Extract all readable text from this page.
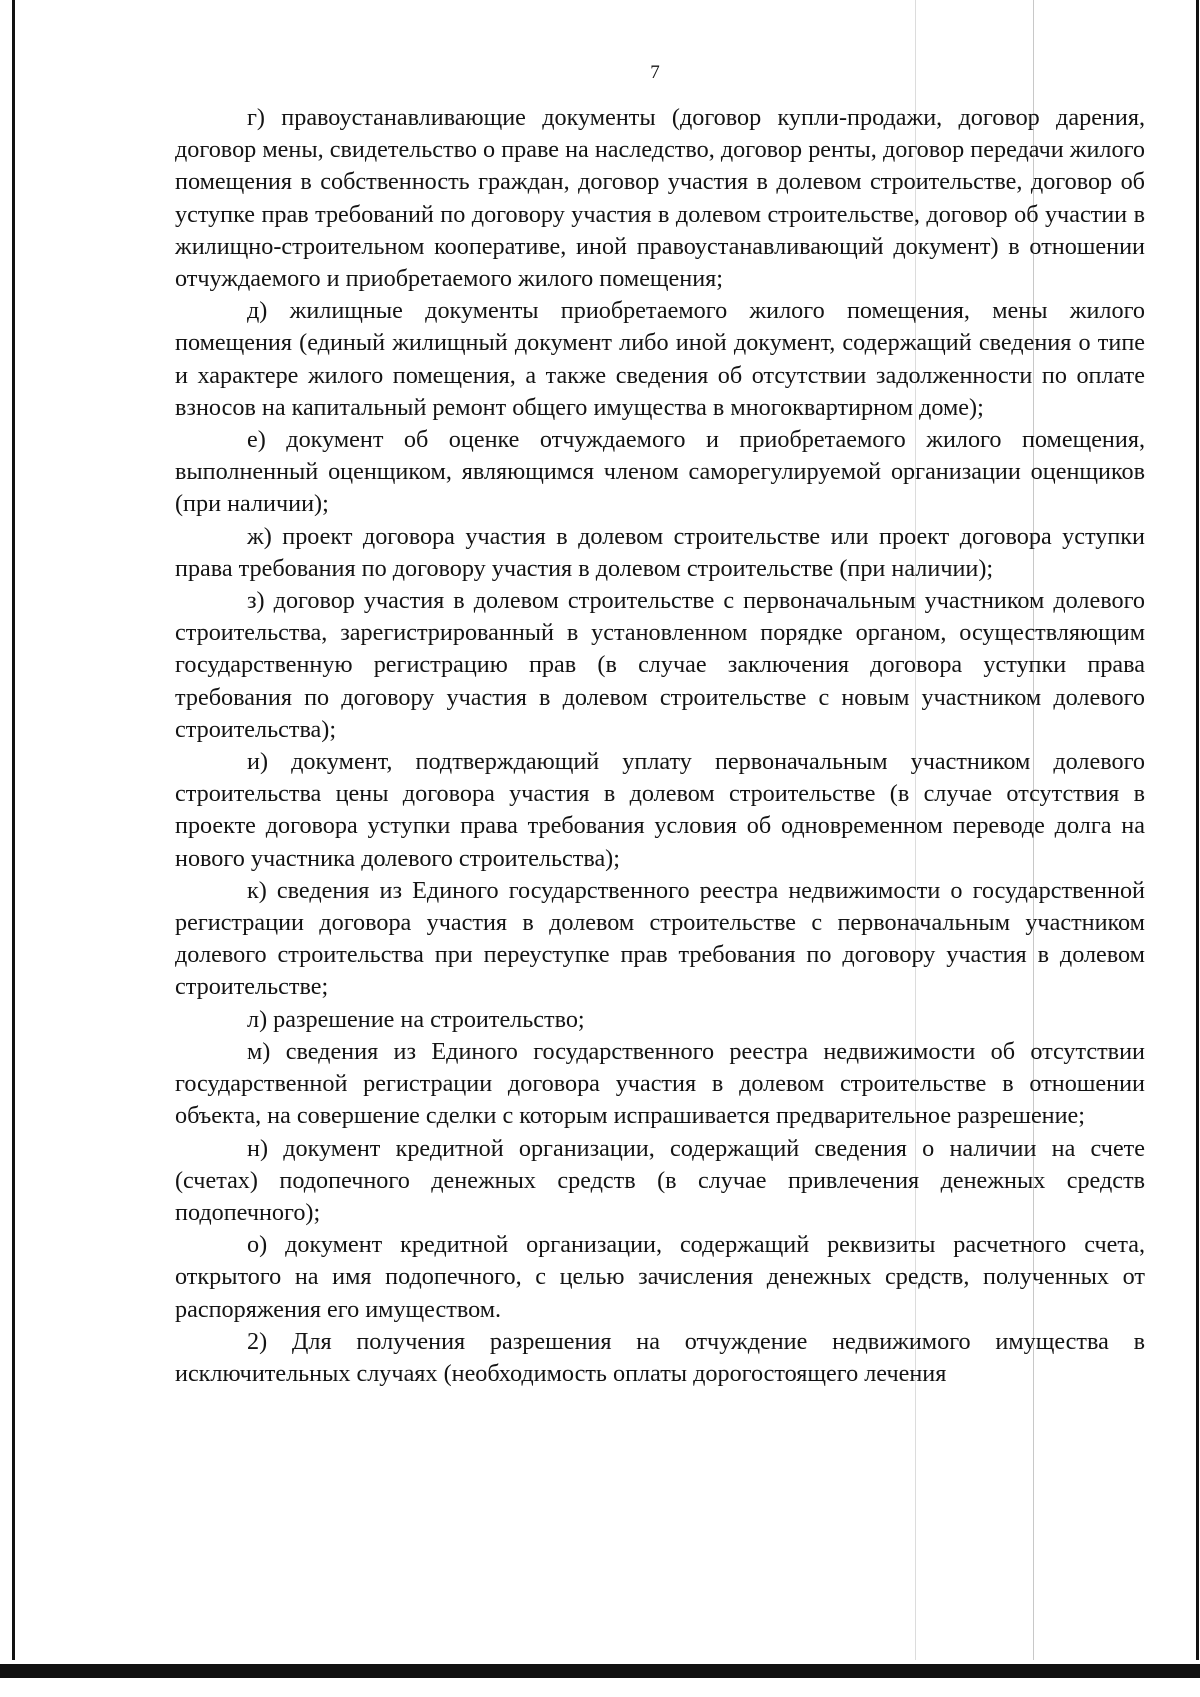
7

г) правоустанавливающие документы (договор купли-продажи, договор дарения, договор мены, свидетельство о праве на наследство, договор ренты, договор передачи жилого помещения в собственность граждан, договор участия в долевом строительстве, договор об уступке прав требований по договору участия в долевом строительстве, договор об участии в жилищно-строительном кооперативе, иной правоустанавливающий документ) в отношении отчуждаемого и приобретаемого жилого помещения;

д) жилищные документы приобретаемого жилого помещения, мены жилого помещения (единый жилищный документ либо иной документ, содержащий сведения о типе и характере жилого помещения, а также сведения об отсутствии задолженности по оплате взносов на капитальный ремонт общего имущества в многоквартирном доме);

е) документ об оценке отчуждаемого и приобретаемого жилого помещения, выполненный оценщиком, являющимся членом саморегулируемой организации оценщиков (при наличии);

ж) проект договора участия в долевом строительстве или проект договора уступки права требования по договору участия в долевом строительстве (при наличии);

з) договор участия в долевом строительстве с первоначальным участником долевого строительства, зарегистрированный в установленном порядке органом, осуществляющим государственную регистрацию прав (в случае заключения договора уступки права требования по договору участия в долевом строительстве с новым участником долевого строительства);

и) документ, подтверждающий уплату первоначальным участником долевого строительства цены договора участия в долевом строительстве (в случае отсутствия в проекте договора уступки права требования условия об одновременном переводе долга на нового участника долевого строительства);

к) сведения из Единого государственного реестра недвижимости о государственной регистрации договора участия в долевом строительстве с первоначальным участником долевого строительства при переуступке прав требования по договору участия в долевом строительстве;

л) разрешение на строительство;

м) сведения из Единого государственного реестра недвижимости об отсутствии государственной регистрации договора участия в долевом строительстве в отношении объекта, на совершение сделки с которым испрашивается предварительное разрешение;

н) документ кредитной организации, содержащий сведения о наличии на счете (счетах) подопечного денежных средств (в случае привлечения денежных средств подопечного);

о) документ кредитной организации, содержащий реквизиты расчетного счета, открытого на имя подопечного, с целью зачисления денежных средств, полученных от распоряжения его имуществом.

2) Для получения разрешения на отчуждение недвижимого имущества в исключительных случаях (необходимость оплаты дорогостоящего лечения
